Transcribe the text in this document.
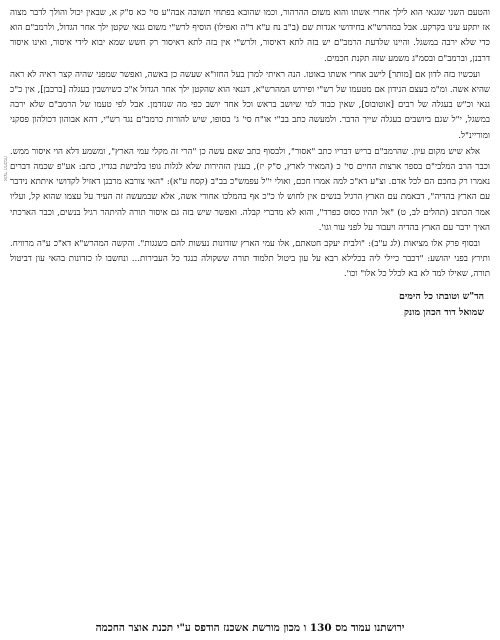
והטעם השני שגגאי הוא לילך אחרי אשתו והוא משום ההרהור, וכמו שהובא בפתחי תשובה אבה"ע סי' כא ס"ק א, שבאין יכול והולך לדבר מצוה אז יתקע עינו בקרקע. אבל במהרש"א בחידושי אגדות שם (ב"ב נח ע"א ד"ה ואפילו) הוסיף לרש"י משום גנאי שקטן ילך אחר הגדול, ולרמב"ם הוא כדי שלא ירבה במשגל. והיינו שלדעת הרמב"ם יש בזה לתא דאיסור, ולרש"י אין בזה לתא דאיסור רק חשש שמא יבוא לידי איסור, ואינו איסור דרבנן, וברמב"ם ובסמ"ג משמע שזה תקנת חכמים.

ועכשיו בזה לדון אם [מותר] לישב אחרי אשתו באוטו. הנה ראיתי למרן בעל החזו"א שעשה כן באשה, ואפשר שמפני שהיה קצר ראיה לא ראה שהיא אשה. ומ"מ בעצם הנידון אם מטעמו של רש"י ופירוש המהרש"א, דגנאי הוא שהקטן ילך אחר הגדול א"כ כשיושבין בעגלה [ברכבן], אין כ"כ גנאי וכ"ש בעגלה של רבים [אוטובוס], שאין כבוד למי שיושב בראש וכל אחד יושב כפי מה שנזדמן. אבל לפי טעמו של הרמב"ם שלא ירבה במשגל, י"ל שגם ביושבים בעגלה שייך הדבר. ולמעשה כתב בב"י או"ח סי' ג' בסופו, שיש להורות כרמב"ם נגד רש"י, דהא אבוהון דכולהון פסקני ומוריינ"ל.

אלא שיש מקום עיון. שהרמב"ם בריש דבריו כתב "אסור", ולבסוף כתב שאם עשה כן "הרי זה מקלי עמי הארץ", ומשמע דלא הוי איסור ממש. וכבר הרב המלבי"ם בספר ארצות החיים סי' כ (המאיר לארץ, ס"ק יז), בענין הזהירות שלא לגלות גופו בלבישת בגדיו, כתב: אע"פ שכמה דברים נאמרו רק בחכם הם לכל אדם. וצ"ע דא"כ למה אמרו חכם, ואולי י"ל עפמש"כ בב"ב (קסח ע"א): "האי צורבא מרבנן דאזיל לקדושי איתתא נידבר עם הארץ בהדיה", דבאמת עם הארץ הרגיל בנשים אין לחוש לו כ"כ אף בהמלכו אחורי אשה, אלא שבמעשה זה העיד על עצמו שהוא קל, ועליו אמר הכתוב (תהלים לב, ט) "אל תהיו כסוס כפרד", והוא לא מדברי קבלה. ואפשר שיש בזה גם איסור תורה להיתהר רגיל בנשים, וכבר הארכתי האיך ידבר עם הארץ בהדיה ויעבור על לפני עור וגו'.

ובסוף פרק אלו מציאות (לג ע"ב): "ולבית יעקב חטאתם, אלו עמי הארץ שזדונות נעשות להם כשגגות". והקשה המהרש"א דא"כ ע"ה מרוויח. ותירץ בפני יהושע: "דכבר כיילי ליה בכלילא רבא על עון ביטול תלמוד תורה ששקולה כנגד כל העבירות... ונחשבו לו כזדונות בהאי עון דביטול תורה, שאילו למד לא בא לכלל כל אלו" וכו'.

הד"ש וטובתו כל הימים
שמואל דוד הכהן מונק
אוצר החכמה
ירושתנו עמוד מס 130 ו מכון מורשת אשכנז הודפס ע"י תכנת אוצר החכמה
